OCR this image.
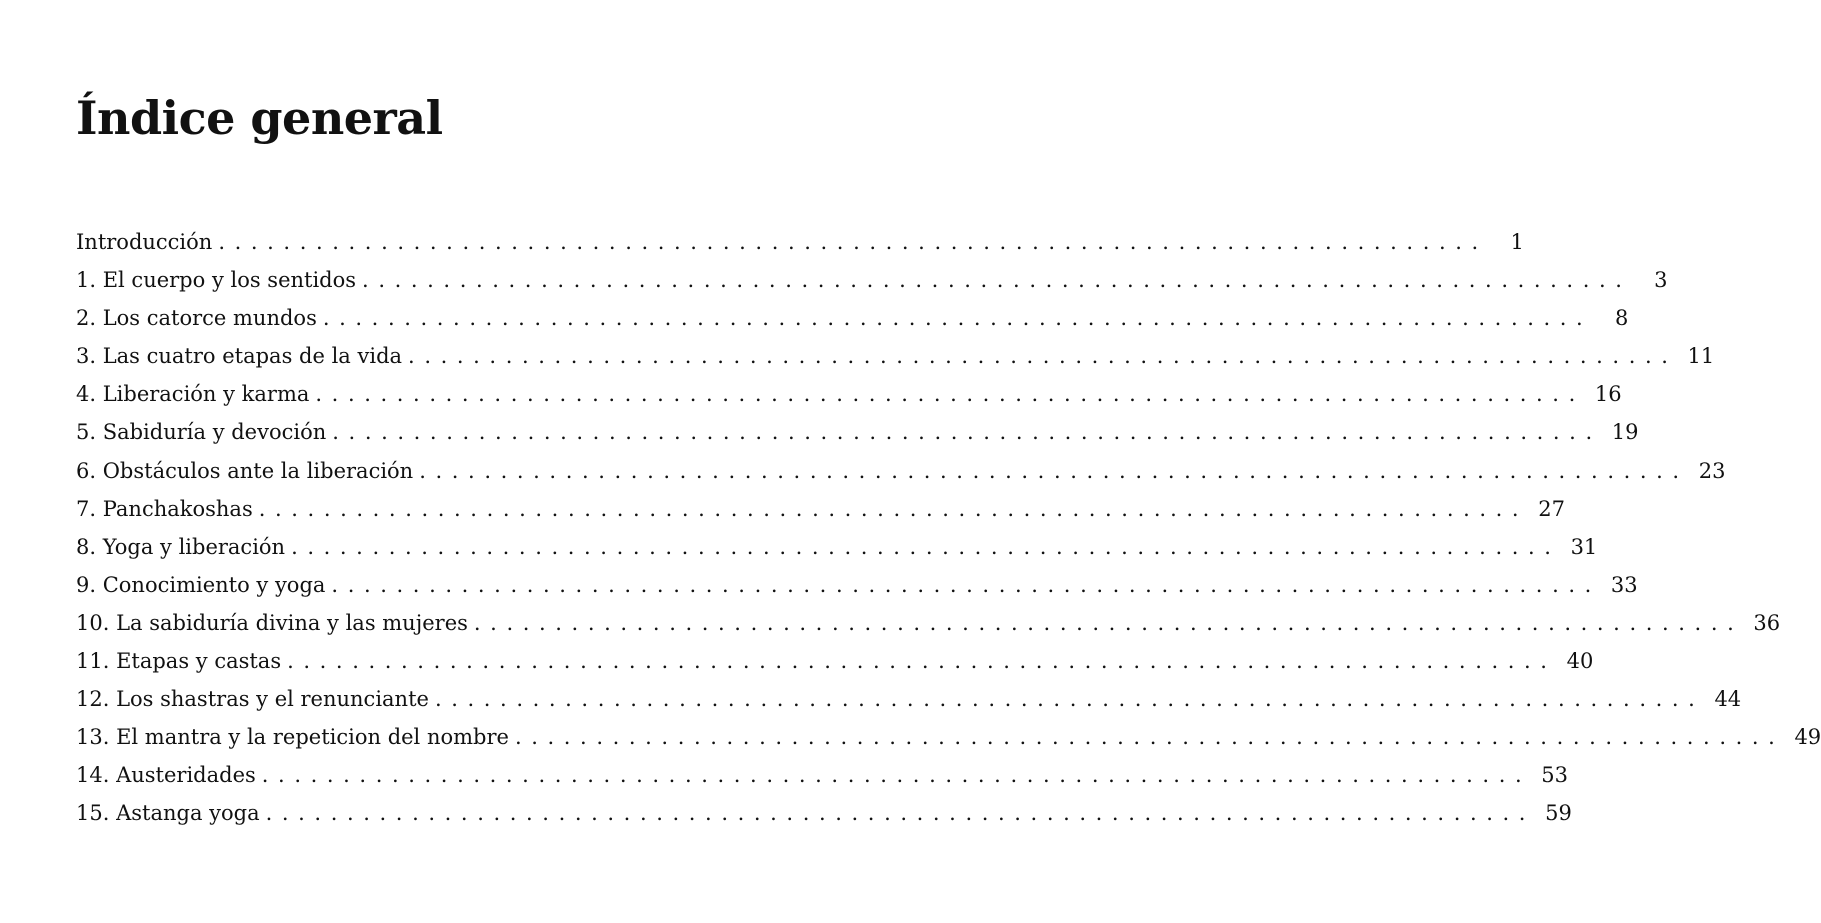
Índice general
Introducción ..............................................................................	1
1. El cuerpo y los sentidos ..............................................................................	3
2. Los catorce mundos ..............................................................................	8
3. Las cuatro etapas de la vida .............................................................................. 11
4. Liberación y karma .............................................................................. 16
5. Sabiduría y devoción .............................................................................. 19
6. Obstáculos ante la liberación .............................................................................. 23
7. Panchakoshas .............................................................................. 27
8. Yoga y liberación .............................................................................. 31
9. Conocimiento y yoga .............................................................................. 33
10. La sabiduría divina y las mujeres .............................................................................. 36
11. Etapas y castas .............................................................................. 40
12. Los shastras y el renunciante .............................................................................. 44
13. El mantra y la repeticion del nombre .............................................................................. 49
14. Austeridades .............................................................................. 53
15. Astanga yoga .............................................................................. 59
